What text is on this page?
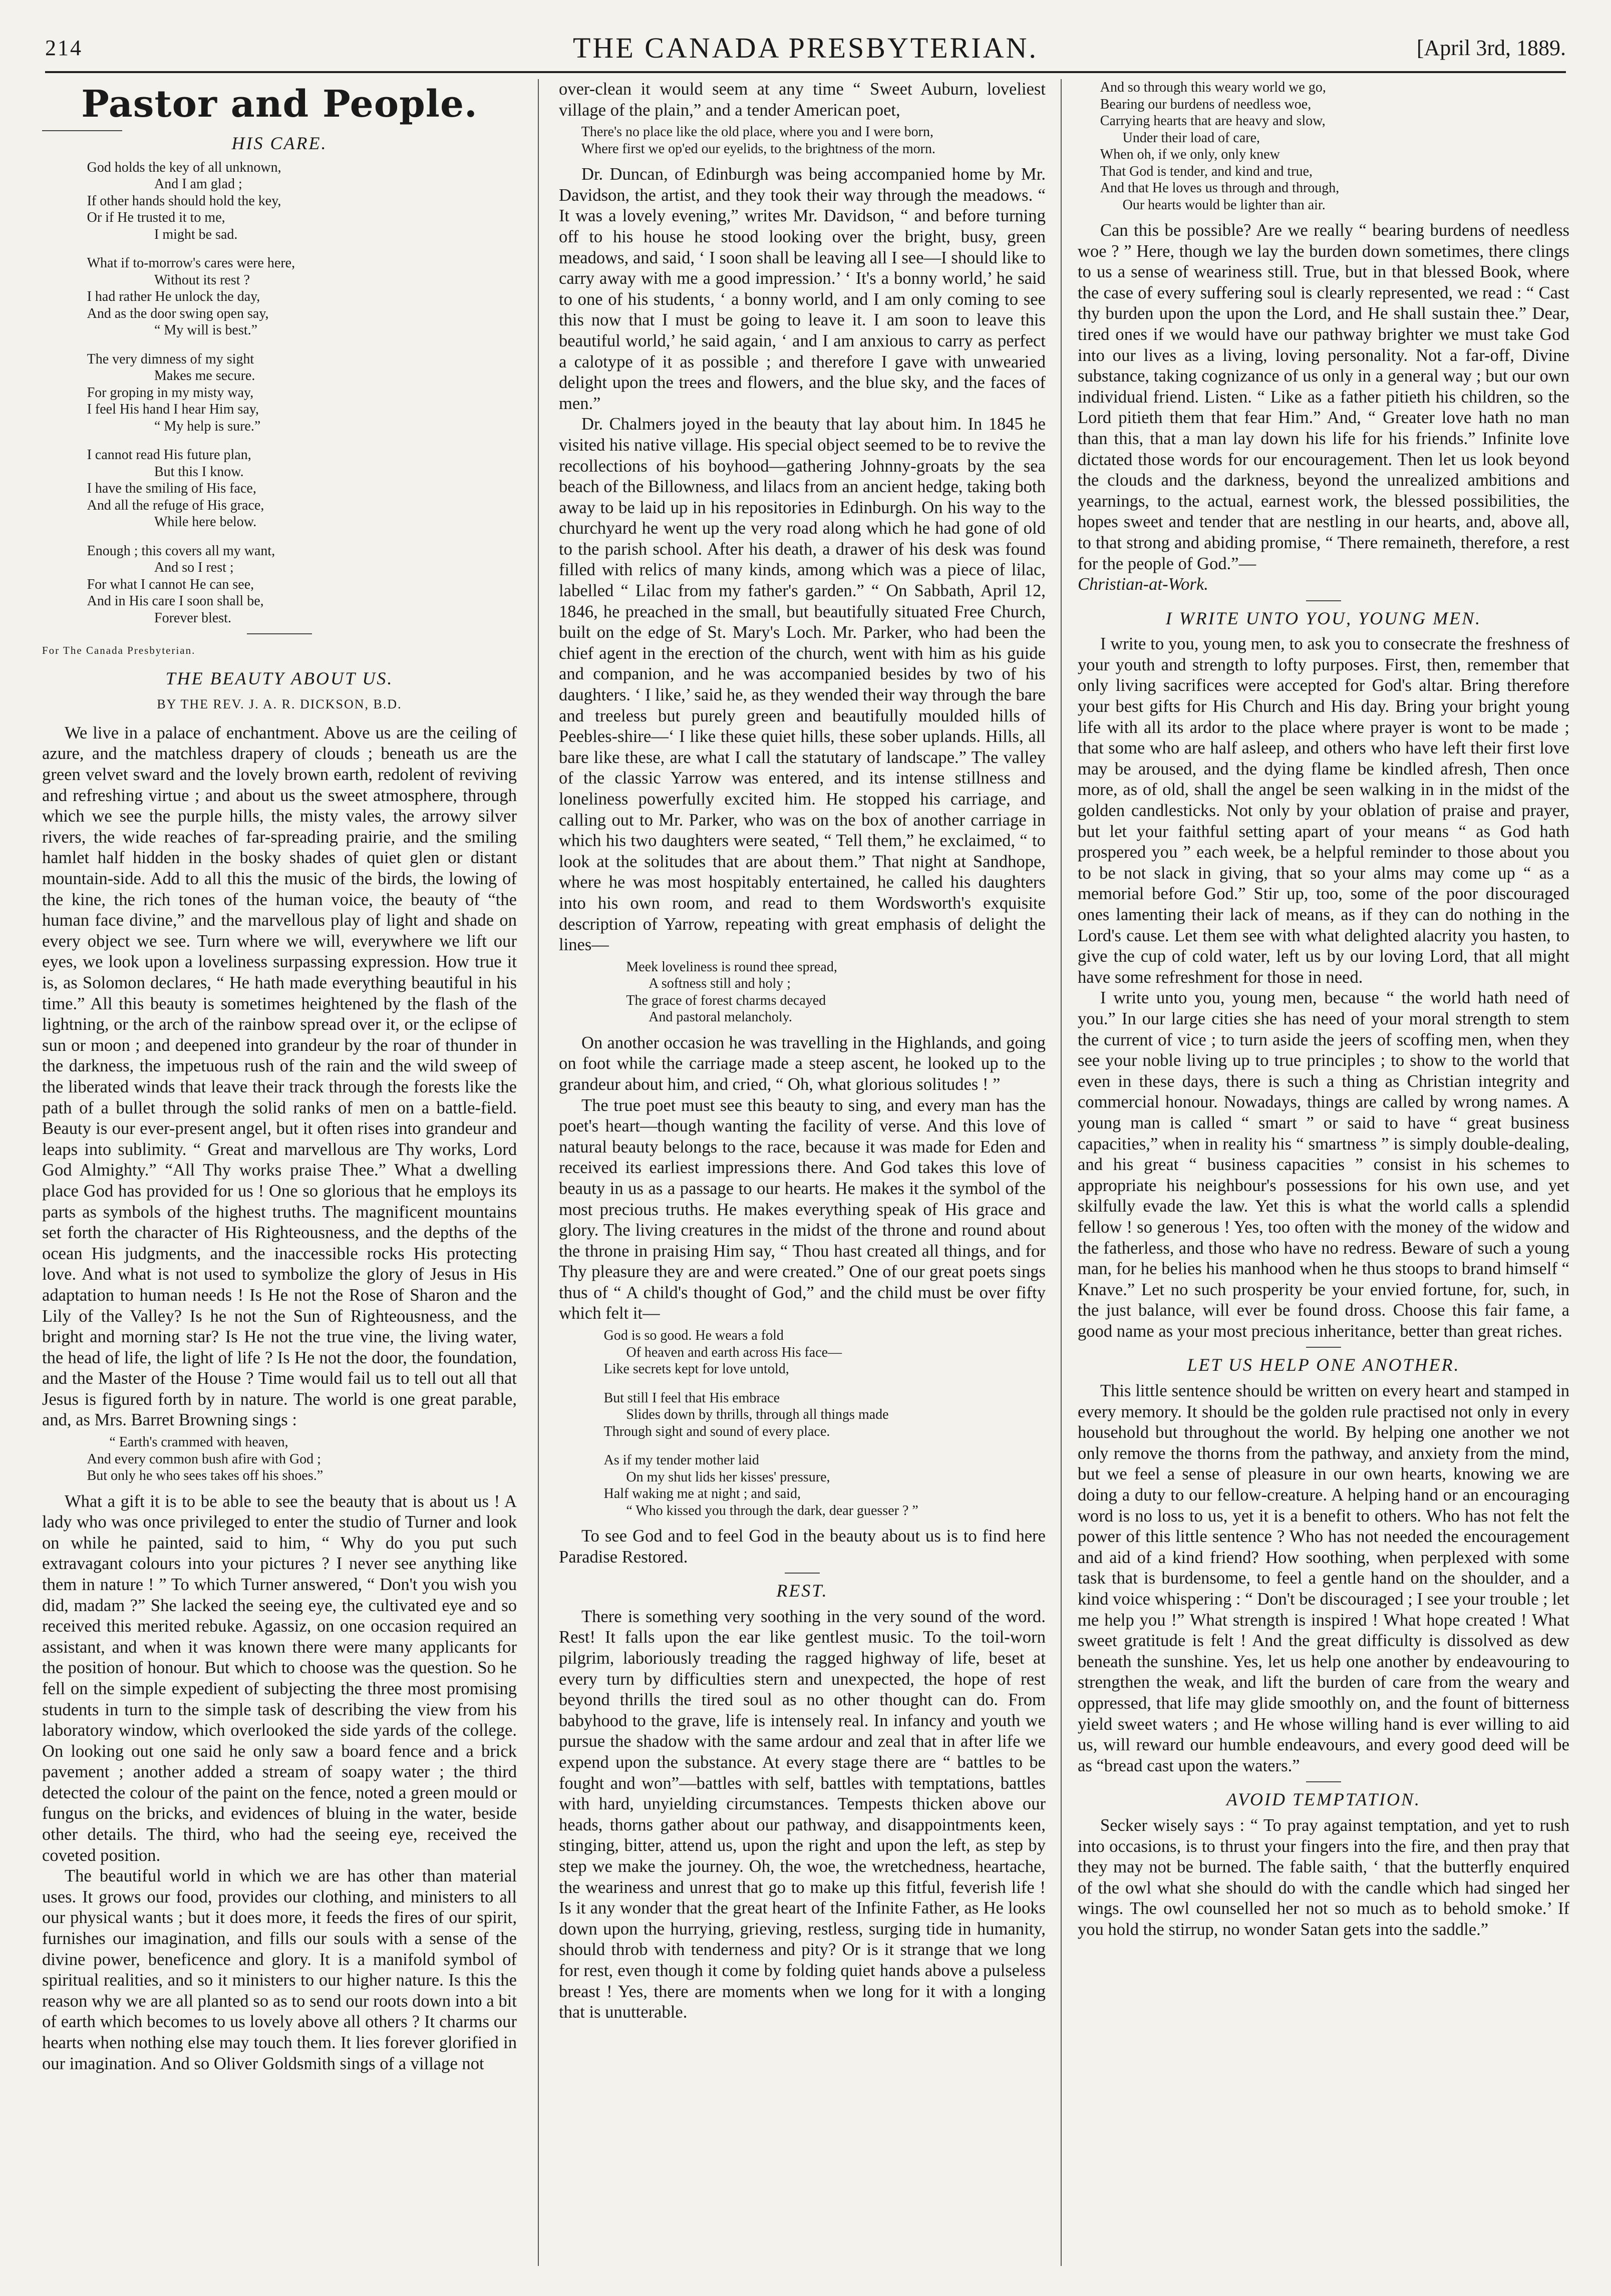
214	THE CANADA PRESBYTERIAN.	[April 3rd, 1889.
Pastor and People.
HIS CARE.
God holds the key of all unknown,
And I am glad ;
If other hands should hold the key,
Or if He trusted it to me,
I might be sad.
What if to-morrow's cares were here,
Without its rest ?
I had rather He unlock the day,
And as the door swing open say,
“ My will is best.”
The very dimness of my sight
Makes me secure.
For groping in my misty way,
I feel His hand I hear Him say,
“ My help is sure.”
I cannot read His future plan,
But this I know.
I have the smiling of His face,
And all the refuge of His grace,
While here below.
Enough ; this covers all my want,
And so I rest ;
For what I cannot He can see,
And in His care I soon shall be,
Forever blest.
For The Canada Presbyterian.
THE BEAUTY ABOUT US.
BY THE REV. J. A. R. DICKSON, B.D.

We live in a palace of enchantment. Above us are the ceiling of azure, and the matchless drapery of clouds ; beneath us are the green velvet sward and the lovely brown earth, redolent of reviving and refreshing virtue ; and about us the sweet atmosphere, through which we see the purple hills, the misty vales, the arrowy silver rivers, the wide reaches of far-spreading prairie, and the smiling hamlet half hidden in the bosky shades of quiet glen or distant mountain-side. Add to all this the music of the birds, the lowing of the kine, the rich tones of the human voice, the beauty of “the human face divine,” and the marvellous play of light and shade on every object we see. Turn where we will, everywhere we lift our eyes, we look upon a loveliness surpassing expression. How true it is, as Solomon declares, “ He hath made everything beautiful in his time.” All this beauty is sometimes heightened by the flash of the lightning, or the arch of the rainbow spread over it, or the eclipse of sun or moon ; and deepened into grandeur by the roar of thunder in the darkness, the impetuous rush of the rain and the wild sweep of the liberated winds that leave their track through the forests like the path of a bullet through the solid ranks of men on a battle-field. Beauty is our ever-present angel, but it often rises into grandeur and leaps into sublimity. “ Great and marvellous are Thy works, Lord God Almighty.” “All Thy works praise Thee.” What a dwelling place God has provided for us ! One so glorious that he employs its parts as symbols of the highest truths. The magnificent mountains set forth the character of His Righteousness, and the depths of the ocean His judgments, and the inaccessible rocks His protecting love. And what is not used to symbolize the glory of Jesus in His adaptation to human needs ! Is He not the Rose of Sharon and the Lily of the Valley? Is he not the Sun of Righteousness, and the bright and morning star? Is He not the true vine, the living water, the head of life, the light of life ? Is He not the door, the foundation, and the Master of the House ? Time would fail us to tell out all that Jesus is figured forth by in nature. The world is one great parable, and, as Mrs. Barret Browning sings :

“ Earth's crammed with heaven,
And every common bush afire with God ;
But only he who sees takes off his shoes.”

What a gift it is to be able to see the beauty that is about us ! A lady who was once privileged to enter the studio of Turner and look on while he painted, said to him, “ Why do you put such extravagant colours into your pictures ? I never see anything like them in nature ! ” To which Turner answered, “ Don't you wish you did, madam ?” She lacked the seeing eye, the cultivated eye and so received this merited rebuke. Agassiz, on one occasion required an assistant, and when it was known there were many applicants for the position of honour. But which to choose was the question. So he fell on the simple expedient of subjecting the three most promising students in turn to the simple task of describing the view from his laboratory window, which overlooked the side yards of the college. On looking out one said he only saw a board fence and a brick pavement ; another added a stream of soapy water ; the third detected the colour of the paint on the fence, noted a green mould or fungus on the bricks, and evidences of bluing in the water, beside other details. The third, who had the seeing eye, received the coveted position.

The beautiful world in which we are has other than material uses. It grows our food, provides our clothing, and ministers to all our physical wants ; but it does more, it feeds the fires of our spirit, furnishes our imagination, and fills our souls with a sense of the divine power, beneficence and glory. It is a manifold symbol of spiritual realities, and so it ministers to our higher nature. Is this the reason why we are all planted so as to send our roots down into a bit of earth which becomes to us lovely above all others ? It charms our hearts when nothing else may touch them. It lies forever glorified in our imagination. And so Oliver Goldsmith sings of a village not

over-clean it would seem at any time “ Sweet Auburn, loveliest village of the plain,” and a tender American poet,

There's no place like the old place, where you and I were born,
Where first we op'ed our eyelids, to the brightness of the morn.

Dr. Duncan, of Edinburgh was being accompanied home by Mr. Davidson, the artist, and they took their way through the meadows. “ It was a lovely evening,” writes Mr. Davidson, “ and before turning off to his house he stood looking over the bright, busy, green meadows, and said, ‘ I soon shall be leaving all I see—I should like to carry away with me a good impression.’ ‘ It's a bonny world,’ he said to one of his students, ‘ a bonny world, and I am only coming to see this now that I must be going to leave it. I am soon to leave this beautiful world,’ he said again, ‘ and I am anxious to carry as perfect a calotype of it as possible ; and therefore I gave with unwearied delight upon the trees and flowers, and the blue sky, and the faces of men.”

Dr. Chalmers joyed in the beauty that lay about him. In 1845 he visited his native village. His special object seemed to be to revive the recollections of his boyhood—gathering Johnny-groats by the sea beach of the Billowness, and lilacs from an ancient hedge, taking both away to be laid up in his repositories in Edinburgh. On his way to the churchyard he went up the very road along which he had gone of old to the parish school. After his death, a drawer of his desk was found filled with relics of many kinds, among which was a piece of lilac, labelled “ Lilac from my father's garden.” “ On Sabbath, April 12, 1846, he preached in the small, but beautifully situated Free Church, built on the edge of St. Mary's Loch. Mr. Parker, who had been the chief agent in the erection of the church, went with him as his guide and companion, and he was accompanied besides by two of his daughters. ‘ I like,’ said he, as they wended their way through the bare and treeless but purely green and beautifully moulded hills of Peebles-shire—‘ I like these quiet hills, these sober uplands. Hills, all bare like these, are what I call the statutary of landscape.” The valley of the classic Yarrow was entered, and its intense stillness and loneliness powerfully excited him. He stopped his carriage, and calling out to Mr. Parker, who was on the box of another carriage in which his two daughters were seated, “ Tell them,” he exclaimed, “ to look at the solitudes that are about them.” That night at Sandhope, where he was most hospitably entertained, he called his daughters into his own room, and read to them Wordsworth's exquisite description of Yarrow, repeating with great emphasis of delight the lines—

Meek loveliness is round thee spread,
A softness still and holy ;
The grace of forest charms decayed
And pastoral melancholy.

On another occasion he was travelling in the Highlands, and going on foot while the carriage made a steep ascent, he looked up to the grandeur about him, and cried, “ Oh, what glorious solitudes ! ”

The true poet must see this beauty to sing, and every man has the poet's heart—though wanting the facility of verse. And this love of natural beauty belongs to the race, because it was made for Eden and received its earliest impressions there. And God takes this love of beauty in us as a passage to our hearts. He makes it the symbol of the most precious truths. He makes everything speak of His grace and glory. The living creatures in the midst of the throne and round about the throne in praising Him say, “ Thou hast created all things, and for Thy pleasure they are and were created.” One of our great poets sings thus of “ A child's thought of God,” and the child must be over fifty which felt it—

God is so good. He wears a fold
Of heaven and earth across His face—
Like secrets kept for love untold,
But still I feel that His embrace
Slides down by thrills, through all things made
Through sight and sound of every place.
As if my tender mother laid
On my shut lids her kisses' pressure,
Half waking me at night ; and said,
“ Who kissed you through the dark, dear guesser ? ”

To see God and to feel God in the beauty about us is to find here Paradise Restored.

REST.

There is something very soothing in the very sound of the word. Rest! It falls upon the ear like gentlest music. To the toil-worn pilgrim, laboriously treading the ragged highway of life, beset at every turn by difficulties stern and unexpected, the hope of rest beyond thrills the tired soul as no other thought can do. From babyhood to the grave, life is intensely real. In infancy and youth we pursue the shadow with the same ardour and zeal that in after life we expend upon the substance. At every stage there are “ battles to be fought and won”—battles with self, battles with temptations, battles with hard, unyielding circumstances. Tempests thicken above our heads, thorns gather about our pathway, and disappointments keen, stinging, bitter, attend us, upon the right and upon the left, as step by step we make the journey. Oh, the woe, the wretchedness, heartache, the weariness and unrest that go to make up this fitful, feverish life ! Is it any wonder that the great heart of the Infinite Father, as He looks down upon the hurrying, grieving, restless, surging tide in humanity, should throb with tenderness and pity? Or is it strange that we long for rest, even though it come by folding quiet hands above a pulseless breast ! Yes, there are moments when we long for it with a longing that is unutterable.

And so through this weary world we go,
Bearing our burdens of needless woe,
Carrying hearts that are heavy and slow,
Under their load of care,
When oh, if we only, only knew
That God is tender, and kind and true,
And that He loves us through and through,
Our hearts would be lighter than air.

Can this be possible? Are we really “ bearing burdens of needless woe ? ” Here, though we lay the burden down sometimes, there clings to us a sense of weariness still. True, but in that blessed Book, where the case of every suffering soul is clearly represented, we read : “ Cast thy burden upon the upon the Lord, and He shall sustain thee.” Dear, tired ones if we would have our pathway brighter we must take God into our lives as a living, loving personality. Not a far-off, Divine substance, taking cognizance of us only in a general way ; but our own individual friend. Listen. “ Like as a father pitieth his children, so the Lord pitieth them that fear Him.” And, “ Greater love hath no man than this, that a man lay down his life for his friends.” Infinite love dictated those words for our encouragement. Then let us look beyond the clouds and the darkness, beyond the unrealized ambitions and yearnings, to the actual, earnest work, the blessed possibilities, the hopes sweet and tender that are nestling in our hearts, and, above all, to that strong and abiding promise, “ There remaineth, therefore, a rest for the people of God.”—

Christian-at-Work.

I WRITE UNTO YOU, YOUNG MEN.

I write to you, young men, to ask you to consecrate the freshness of your youth and strength to lofty purposes. First, then, remember that only living sacrifices were accepted for God's altar. Bring therefore your best gifts for His Church and His day. Bring your bright young life with all its ardor to the place where prayer is wont to be made ; that some who are half asleep, and others who have left their first love may be aroused, and the dying flame be kindled afresh, Then once more, as of old, shall the angel be seen walking in in the midst of the golden candlesticks. Not only by your oblation of praise and prayer, but let your faithful setting apart of your means “ as God hath prospered you ” each week, be a helpful reminder to those about you to be not slack in giving, that so your alms may come up “ as a memorial before God.” Stir up, too, some of the poor discouraged ones lamenting their lack of means, as if they can do nothing in the Lord's cause. Let them see with what delighted alacrity you hasten, to give the cup of cold water, left us by our loving Lord, that all might have some refreshment for those in need.

I write unto you, young men, because “ the world hath need of you.” In our large cities she has need of your moral strength to stem the current of vice ; to turn aside the jeers of scoffing men, when they see your noble living up to true principles ; to show to the world that even in these days, there is such a thing as Christian integrity and commercial honour. Nowadays, things are called by wrong names. A young man is called “ smart ” or said to have “ great business capacities,” when in reality his “ smartness ” is simply double-dealing, and his great “ business capacities ” consist in his schemes to appropriate his neighbour's possessions for his own use, and yet skilfully evade the law. Yet this is what the world calls a splendid fellow ! so generous ! Yes, too often with the money of the widow and the fatherless, and those who have no redress. Beware of such a young man, for he belies his manhood when he thus stoops to brand himself “ Knave.” Let no such prosperity be your envied fortune, for, such, in the just balance, will ever be found dross. Choose this fair fame, a good name as your most precious inheritance, better than great riches.

LET US HELP ONE ANOTHER.

This little sentence should be written on every heart and stamped in every memory. It should be the golden rule practised not only in every household but throughout the world. By helping one another we not only remove the thorns from the pathway, and anxiety from the mind, but we feel a sense of pleasure in our own hearts, knowing we are doing a duty to our fellow-creature. A helping hand or an encouraging word is no loss to us, yet it is a benefit to others. Who has not felt the power of this little sentence ? Who has not needed the encouragement and aid of a kind friend? How soothing, when perplexed with some task that is burdensome, to feel a gentle hand on the shoulder, and a kind voice whispering : “ Don't be discouraged ; I see your trouble ; let me help you !” What strength is inspired ! What hope created ! What sweet gratitude is felt ! And the great difficulty is dissolved as dew beneath the sunshine. Yes, let us help one another by endeavouring to strengthen the weak, and lift the burden of care from the weary and oppressed, that life may glide smoothly on, and the fount of bitterness yield sweet waters ; and He whose willing hand is ever willing to aid us, will reward our humble endeavours, and every good deed will be as “bread cast upon the waters.”

AVOID TEMPTATION.

Secker wisely says : “ To pray against temptation, and yet to rush into occasions, is to thrust your fingers into the fire, and then pray that they may not be burned. The fable saith, ‘ that the butterfly enquired of the owl what she should do with the candle which had singed her wings. The owl counselled her not so much as to behold smoke.’ If you hold the stirrup, no wonder Satan gets into the saddle.”
